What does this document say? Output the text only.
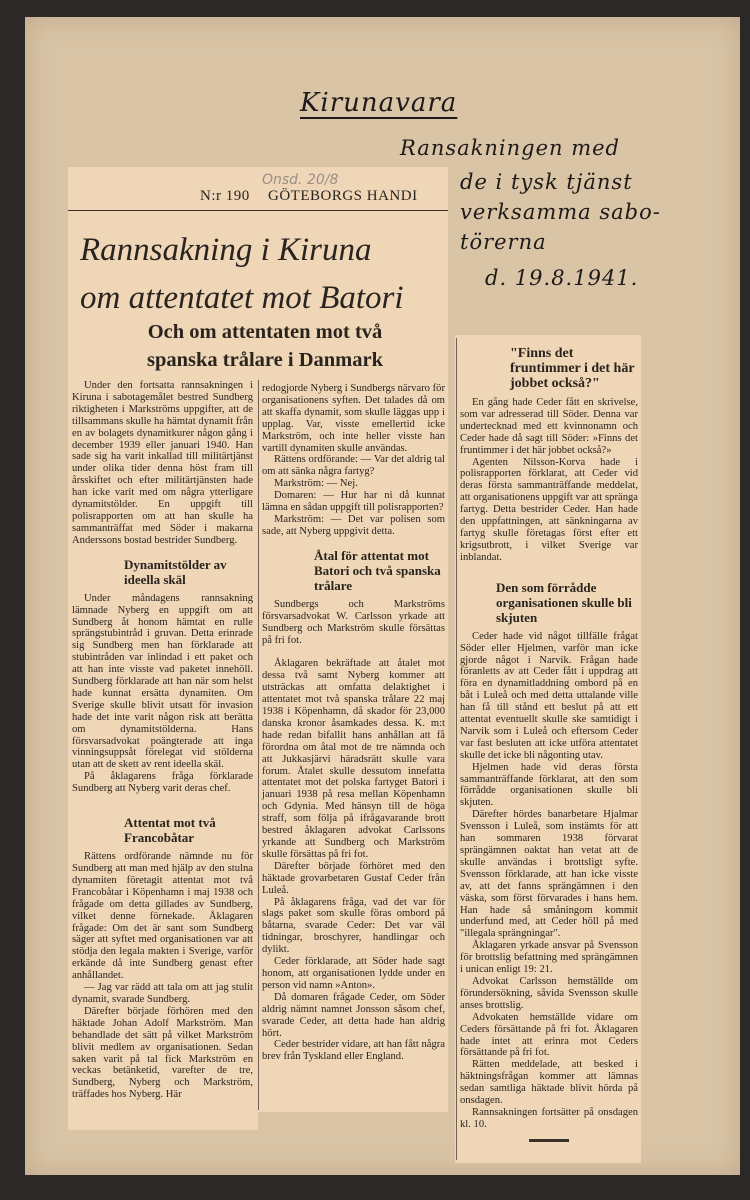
Kirunavara
Ransakningen med
de i tysk tjänst
verksamma sabo-
törerna
d. 19.8.1941.
Onsd. 20/8
N:r 190 GÖTEBORGS HANDI
Rannsakning i Kiruna
om attentatet mot Batori
Och om attentaten mot två spanska trålare i Danmark

Under den fortsatta rannsakningen i Kiruna i sabotagemålet bestred Sundberg riktigheten i Markströms uppgifter, att de tillsammans skulle ha hämtat dynamit från en av bolagets dynamitkurer någon gång i december 1939 eller januari 1940. Han sade sig ha varit inkallad till militärtjänst under olika tider denna höst fram till årsskiftet och efter militärtjänsten hade han icke varit med om några ytterligare dynamitstölder. En uppgift till polisrapporten om att han skulle ha sammanträffat med Söder i makarna Anderssons bostad bestrider Sundberg.

Dynamitstölder av ideella skäl

Under måndagens rannsakning lämnade Nyberg en uppgift om att Sundberg åt honom hämtat en rulle sprängstubintråd i gruvan. Detta erinrade sig Sundberg men han förklarade att stubintråden var inlindad i ett paket och att han inte visste vad paketet innehöll. Sundberg förklarade att han när som helst hade kunnat ersätta dynamiten. Om Sverige skulle blivit utsatt för invasion hade det inte varit någon risk att berätta om dynamitstölderna. Hans försvarsadvokat poängterade att inga vinningsuppsåt förelegat vid stölderna utan att de skett av rent ideella skäl.

På åklagarens fråga förklarade Sundberg att Nyberg varit deras chef.

Attentat mot två Francobåtar

Rättens ordförande nämnde nu för Sundberg att man med hjälp av den stulna dynamiten företagit attentat mot två Francobåtar i Köpenhamn i maj 1938 och frågade om detta gillades av Sundberg, vilket denne förnekade. Åklagaren frågade: Om det är sant som Sundberg säger att syftet med organisationen var att stödja den legala makten i Sverige, varför erkände då inte Sundberg genast efter anhållandet.

— Jag var rädd att tala om att jag stulit dynamit, svarade Sundberg.

Därefter började förhören med den häktade Johan Adolf Markström. Man behandlade det sätt på vilket Markström blivit medlem av organisationen. Sedan saken varit på tal fick Markström en veckas betänketid, varefter de tre, Sundberg, Nyberg och Markström, träffades hos Nyberg. Här

redogjorde Nyberg i Sundbergs närvaro för organisationens syften. Det talades då om att skaffa dynamit, som skulle läggas upp i upplag. Var, visste emellertid icke Markström, och inte heller visste han vartill dynamiten skulle användas.

Rättens ordförande: — Var det aldrig tal om att sänka några fartyg?

Markström: — Nej.

Domaren: — Hur har ni då kunnat lämna en sådan uppgift till polisrapporten?

Markström: — Det var polisen som sade, att Nyberg uppgivit detta.

Åtal för attentat mot Batori och två spanska trålare

Sundbergs och Markströms försvarsadvokat W. Carlsson yrkade att Sundberg och Markström skulle försättas på fri fot.

Åklagaren bekräftade att åtalet mot dessa två samt Nyberg kommer att utsträckas att omfatta delaktighet i attentatet mot två spanska trålare 22 maj 1938 i Köpenhamn, då skador för 23,000 danska kronor åsamkades dessa. K. m:t hade redan bifallit hans anhållan att få förordna om åtal mot de tre nämnda och att Jukkasjärvi häradsrätt skulle vara forum. Åtalet skulle dessutom innefatta attentatet mot det polska fartyget Batori i januari 1938 på resa mellan Köpenhamn och Gdynia. Med hänsyn till de höga straff, som följa på ifrågavarande brott bestred åklagaren advokat Carlssons yrkande att Sundberg och Markström skulle försättas på fri fot.

Därefter började förhöret med den häktade grovarbetaren Gustaf Ceder från Luleå.

På åklagarens fråga, vad det var för slags paket som skulle föras ombord på båtarna, svarade Ceder: Det var väl tidningar, broschyrer, handlingar och dylikt.

Ceder förklarade, att Söder hade sagt honom, att organisationen lydde under en person vid namn »Anton».

Då domaren frågade Ceder, om Söder aldrig nämnt namnet Jonsson såsom chef, svarade Ceder, att detta hade han aldrig hört.

Ceder bestrider vidare, att han fått några brev från Tyskland eller England.

"Finns det fruntimmer i det här jobbet också?"

En gång hade Ceder fått en skrivelse, som var adresserad till Söder. Denna var undertecknad med ett kvinnonamn och Ceder hade då sagt till Söder: »Finns det fruntimmer i det här jobbet också?»

Agenten Nilsson-Korva hade i polisrapporten förklarat, att Ceder vid deras första sammanträffande meddelat, att organisationens uppgift var att spränga fartyg. Detta bestrider Ceder. Han hade den uppfattningen, att sänkningarna av fartyg skulle företagas först efter ett krigsutbrott, i vilket Sverige var inblandat.

Den som förrådde organisationen skulle bli skjuten

Ceder hade vid något tillfälle frågat Söder eller Hjelmen, varför man icke gjorde något i Narvik. Frågan hade föranletts av att Ceder fått i uppdrag att föra en dynamitladdning ombord på en båt i Luleå och med detta uttalande ville han få till stånd ett beslut på att ett attentat eventuellt skulle ske samtidigt i Narvik som i Luleå och eftersom Ceder var fast besluten att icke utföra attentatet skulle det icke bli någonting utav.

Hjelmen hade vid deras första sammanträffande förklarat, att den som förrådde organisationen skulle bli skjuten.

Därefter hördes banarbetare Hjalmar Svensson i Luleå, som instämts för att han sommaren 1938 förvarat sprängämnen oaktat han vetat att de skulle användas i brottsligt syfte. Svensson förklarade, att han icke visste av, att det fanns sprängämnen i den väska, som först förvarades i hans hem. Han hade så småningom kommit underfund med, att Ceder höll på med "illegala sprängningar".

Åklagaren yrkade ansvar på Svensson för brottslig befattning med sprängämnen i unican enligt 19: 21.

Advokat Carlsson hemställde om förundersökning, såvida Svensson skulle anses brottslig.

Advokaten hemställde vidare om Ceders försättande på fri fot. Åklagaren hade intet att erinra mot Ceders försättande på fri fot.

Rätten meddelade, att besked i häktningsfrågan kommer att lämnas sedan samtliga häktade blivit hörda på onsdagen.

Rannsakningen fortsätter på onsdagen kl. 10.
